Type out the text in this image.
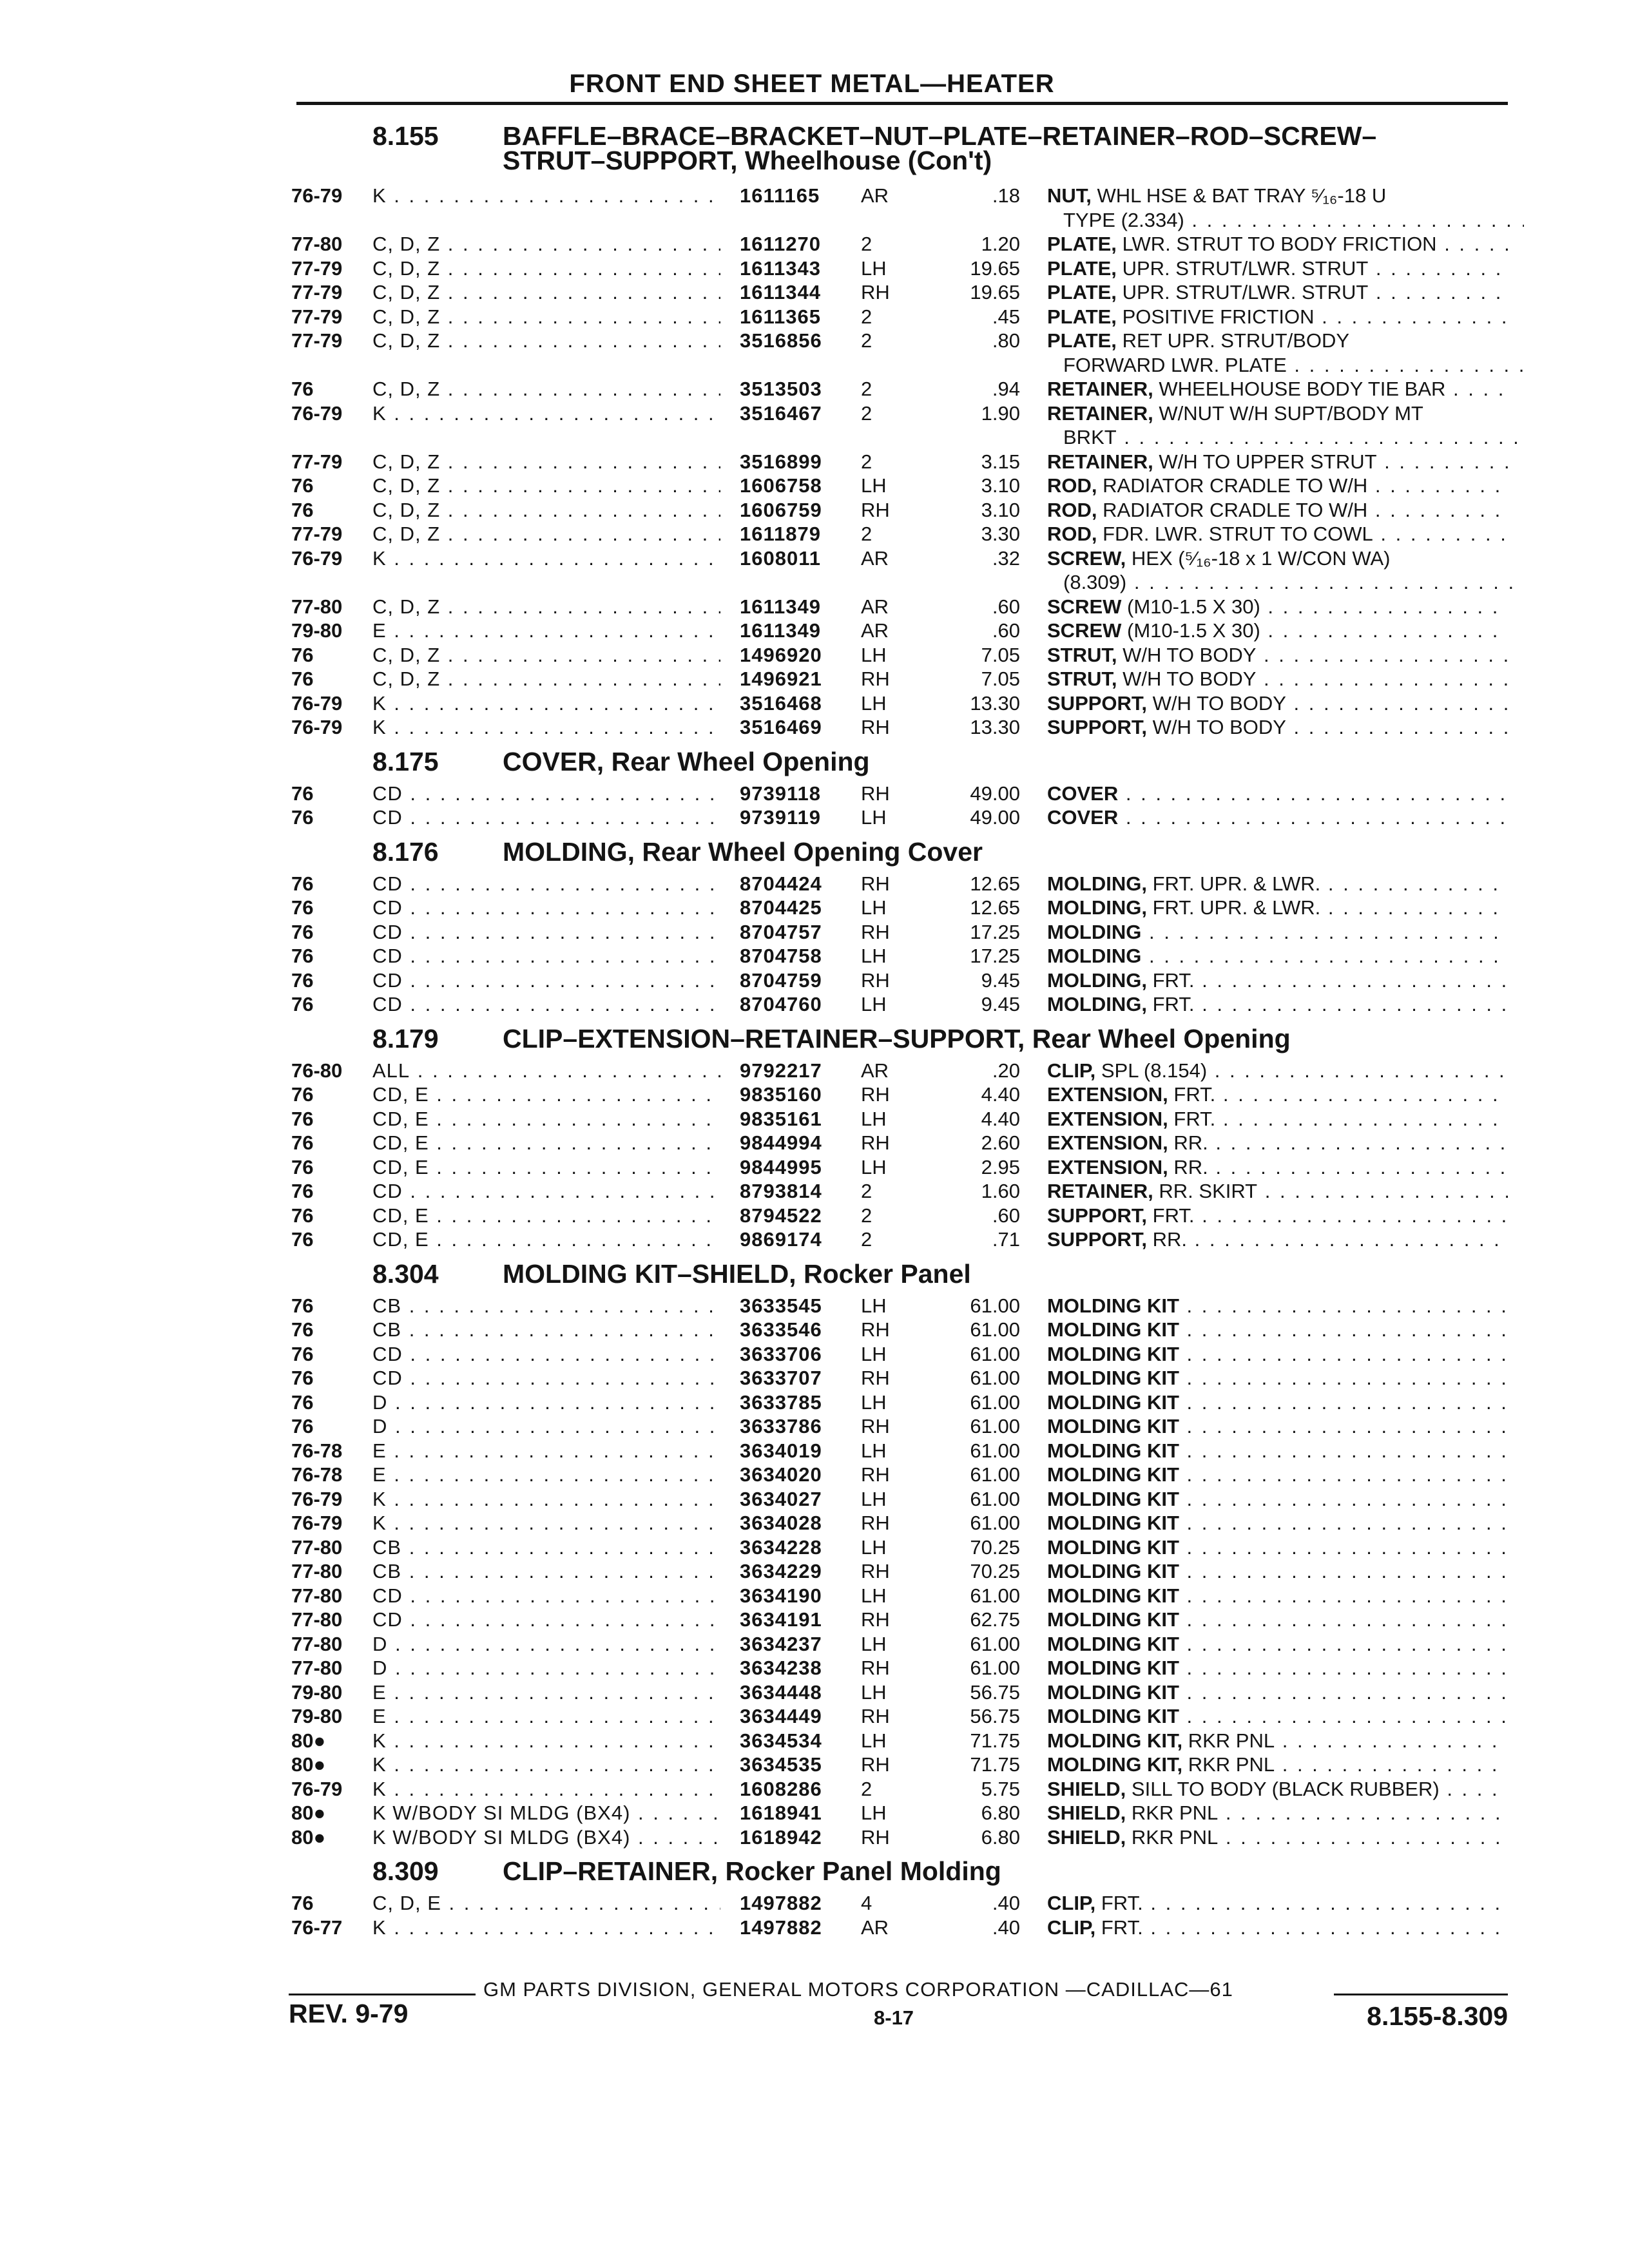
FRONT END SHEET METAL—HEATER
8.155 BAFFLE–BRACE–BRACKET–NUT–PLATE–RETAINER–ROD–SCREW–
STRUT–SUPPORT, Wheelhouse (Con't)
76-79 K . . .	1611165 AR	.18 NUT, WHL HSE & BAT TRAY ⁵⁄₁₆-18 U
TYPE (2.334) . . .
77-80 C, D, Z . . .	1611270 2	1.20 PLATE, LWR. STRUT TO BODY FRICTION . . .
77-79 C, D, Z . . .	1611343 LH	19.65 PLATE, UPR. STRUT/LWR. STRUT . . .
77-79 C, D, Z . . .	1611344 RH	19.65 PLATE, UPR. STRUT/LWR. STRUT . . .
77-79 C, D, Z . . .	1611365 2	.45 PLATE, POSITIVE FRICTION . . .
77-79 C, D, Z . . .	3516856 2	.80 PLATE, RET UPR. STRUT/BODY
FORWARD LWR. PLATE . . .
76	C, D, Z . . .	3513503 2	.94 RETAINER, WHEELHOUSE BODY TIE BAR . . .
76-79 K . . .	3516467 2	1.90 RETAINER, W/NUT W/H SUPT/BODY MT
BRKT . . .
77-79 C, D, Z . . .	3516899 2	3.15 RETAINER, W/H TO UPPER STRUT . . .
76	C, D, Z . . .	1606758 LH	3.10 ROD, RADIATOR CRADLE TO W/H . . .
76	C, D, Z . . .	1606759 RH	3.10 ROD, RADIATOR CRADLE TO W/H . . .
77-79 C, D, Z . . .	1611879 2	3.30 ROD, FDR. LWR. STRUT TO COWL . . .
76-79 K . . .	1608011 AR	.32 SCREW, HEX (⁵⁄₁₆-18 x 1 W/CON WA)
(8.309) . . .
77-80 C, D, Z . . .	1611349 AR	.60 SCREW (M10-1.5 X 30) . . .
79-80 E . . .	1611349 AR	.60 SCREW (M10-1.5 X 30) . . .
76	C, D, Z . . .	1496920 LH	7.05 STRUT, W/H TO BODY . . .
76	C, D, Z . . .	1496921 RH	7.05 STRUT, W/H TO BODY . . .
76-79 K . . .	3516468 LH	13.30 SUPPORT, W/H TO BODY . . .
76-79 K . . .	3516469 RH	13.30 SUPPORT, W/H TO BODY . . .
8.175 COVER, Rear Wheel Opening
76	CD . . .	9739118 RH	49.00 COVER . . .
76	CD . . .	9739119 LH	49.00 COVER . . .
8.176 MOLDING, Rear Wheel Opening Cover
76	CD . . .	8704424 RH	12.65 MOLDING, FRT. UPR. & LWR. . . .
76	CD . . .	8704425 LH	12.65 MOLDING, FRT. UPR. & LWR. . . .
76	CD . . .	8704757 RH	17.25 MOLDING . . .
76	CD . . .	8704758 LH	17.25 MOLDING . . .
76	CD . . .	8704759 RH	9.45 MOLDING, FRT. . . .
76	CD . . .	8704760 LH	9.45 MOLDING, FRT. . . .
8.179 CLIP–EXTENSION–RETAINER–SUPPORT, Rear Wheel Opening
76-80 ALL . . .	9792217 AR	.20 CLIP, SPL (8.154) . . .
76	CD, E . . .	9835160 RH	4.40 EXTENSION, FRT. . . .
76	CD, E . . .	9835161 LH	4.40 EXTENSION, FRT. . . .
76	CD, E . . .	9844994 RH	2.60 EXTENSION, RR. . . .
76	CD, E . . .	9844995 LH	2.95 EXTENSION, RR. . . .
76	CD . . .	8793814 2	1.60 RETAINER, RR. SKIRT . . .
76	CD, E . . .	8794522 2	.60 SUPPORT, FRT. . . .
76	CD, E . . .	9869174 2	.71 SUPPORT, RR. . . .
8.304 MOLDING KIT–SHIELD, Rocker Panel
76	CB . . .	3633545 LH	61.00 MOLDING KIT . . .
76	CB . . .	3633546 RH	61.00 MOLDING KIT . . .
76	CD . . .	3633706 LH	61.00 MOLDING KIT . . .
76	CD . . .	3633707 RH	61.00 MOLDING KIT . . .
76	D . . .	3633785 LH	61.00 MOLDING KIT . . .
76	D . . .	3633786 RH	61.00 MOLDING KIT . . .
76-78 E . . .	3634019 LH	61.00 MOLDING KIT . . .
76-78 E . . .	3634020 RH	61.00 MOLDING KIT . . .
76-79 K . . .	3634027 LH	61.00 MOLDING KIT . . .
76-79 K . . .	3634028 RH	61.00 MOLDING KIT . . .
77-80 CB . . .	3634228 LH	70.25 MOLDING KIT . . .
77-80 CB . . .	3634229 RH	70.25 MOLDING KIT . . .
77-80 CD . . .	3634190 LH	61.00 MOLDING KIT . . .
77-80 CD . . .	3634191 RH	62.75 MOLDING KIT . . .
77-80 D . . .	3634237 LH	61.00 MOLDING KIT . . .
77-80 D . . .	3634238 RH	61.00 MOLDING KIT . . .
79-80 E . . .	3634448 LH	56.75 MOLDING KIT . . .
79-80 E . . .	3634449 RH	56.75 MOLDING KIT . . .
80● K . . .	3634534 LH	71.75 MOLDING KIT, RKR PNL . . .
80● K . . .	3634535 RH	71.75 MOLDING KIT, RKR PNL . . .
76-79 K . . .	1608286 2	5.75 SHIELD, SILL TO BODY (BLACK RUBBER) . . .
80● K W/BODY SI MLDG (BX4) . . .	1618941 LH	6.80 SHIELD, RKR PNL . . .
80● K W/BODY SI MLDG (BX4) . . .	1618942 RH	6.80 SHIELD, RKR PNL . . .
8.309 CLIP–RETAINER, Rocker Panel Molding
76	C, D, E . . .	1497882 4	.40 CLIP, FRT. . . .
76-77 K . . .	1497882 AR	.40 CLIP, FRT. . . .
GM PARTS DIVISION, GENERAL MOTORS CORPORATION —CADILLAC—61
REV. 9-79	8-17	8.155-8.309
